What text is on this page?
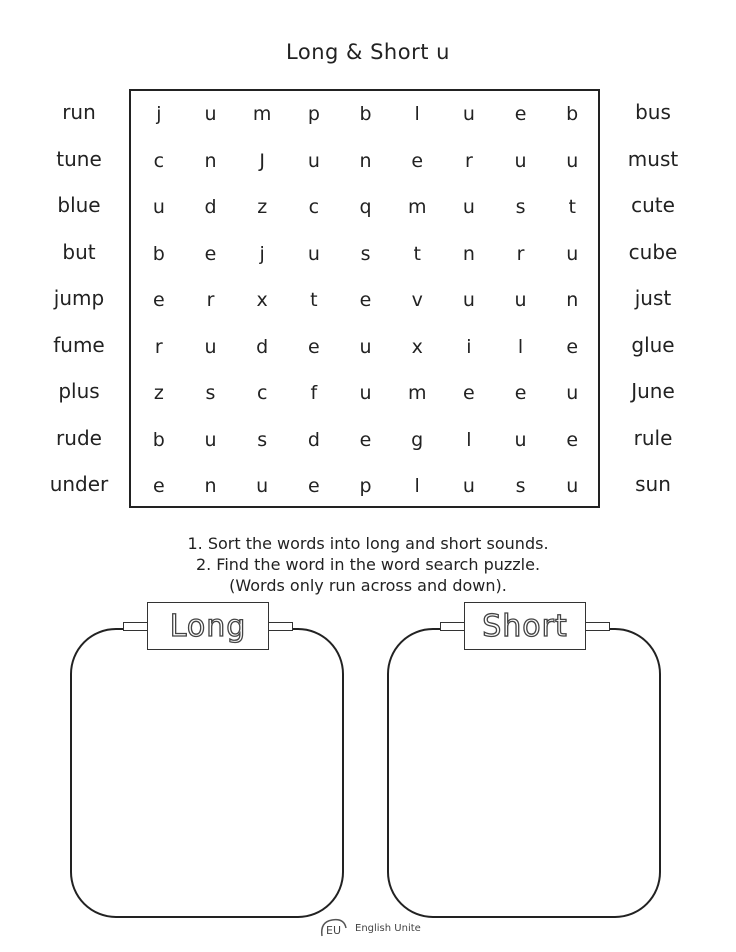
Long & Short u
run
tune
blue
but
jump
fume
plus
rude
under
j	u	m	p	b	l	u	e	b
c	n	J	u	n	e	r	u	u
u	d	z	c	q	m	u	s	t
b	e	j	u	s	t	n	r	u
e	r	x	t	e	v	u	u	n
r	u	d	e	u	x	i	l	e
z	s	c	f	u	m	e	e	u
b	u	s	d	e	g	l	u	e
e	n	u	e	p	l	u	s	u
bus
must
cute
cube
just
glue
June
rule
sun
1. Sort the words into long and short sounds.
2. Find the word in the word search puzzle.
(Words only run across and down).
Long	Short
EU English Unite
